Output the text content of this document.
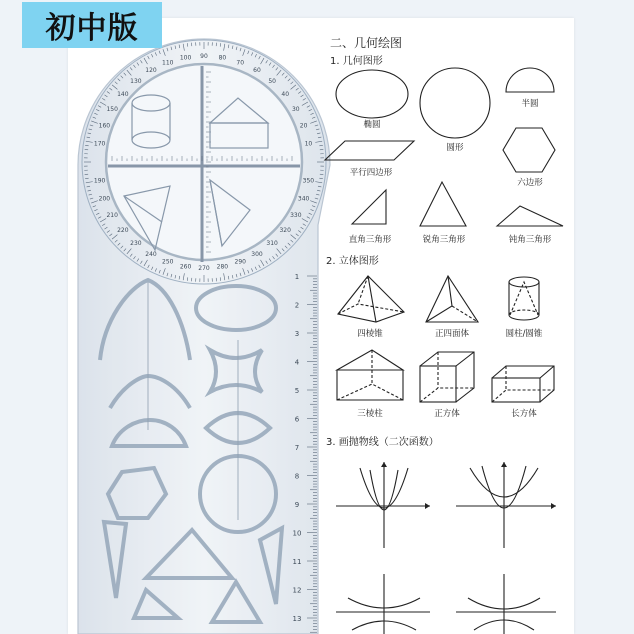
10
20
30
40
50
60
70
80
90
100
110
120
130
140
150
160
170
190
200
210
220
230
240
250
260 270 280
290
300
310
320
330
340
350
1
2
3
4
5
6
7
8
9
10
11
12
13
二、几何绘图
1. 几何图形
2. 立体图形
3. 画抛物线（二次函数）
椭圆
圆形
半圆
平行四边形
六边形
直角三角形	锐角三角形	钝角三角形
四棱锥	正四面体	圆柱/圆锥
三棱柱	正方体	长方体
初中版
